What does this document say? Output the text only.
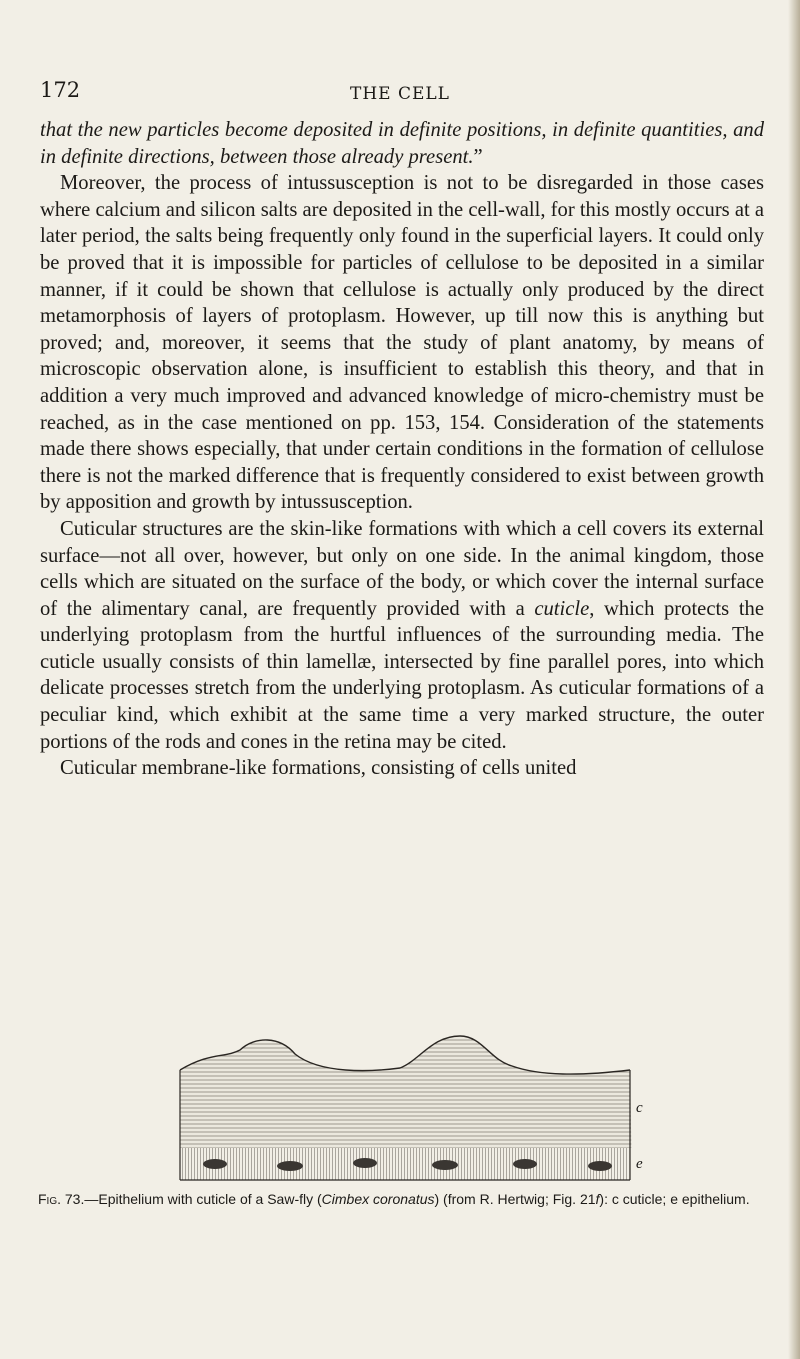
172	THE CELL

that the new particles become deposited in definite positions, in definite quantities, and in definite directions, between those already present.”

Moreover, the process of intussusception is not to be disregarded in those cases where calcium and silicon salts are deposited in the cell-wall, for this mostly occurs at a later period, the salts being frequently only found in the superficial layers. It could only be proved that it is impossible for particles of cellulose to be deposited in a similar manner, if it could be shown that cellulose is actually only produced by the direct metamorphosis of layers of protoplasm. However, up till now this is anything but proved; and, moreover, it seems that the study of plant anatomy, by means of microscopic observation alone, is insufficient to establish this theory, and that in addition a very much improved and advanced knowledge of micro-chemistry must be reached, as in the case mentioned on pp. 153, 154. Consideration of the statements made there shows especially, that under certain conditions in the formation of cellulose there is not the marked difference that is frequently considered to exist between growth by apposition and growth by intussusception.

Cuticular structures are the skin-like formations with which a cell covers its external surface—not all over, however, but only on one side. In the animal kingdom, those cells which are situated on the surface of the body, or which cover the internal surface of the alimentary canal, are frequently provided with a cuticle, which protects the underlying protoplasm from the hurtful influences of the surrounding media. The cuticle usually consists of thin lamellæ, intersected by fine parallel pores, into which delicate processes stretch from the underlying protoplasm. As cuticular formations of a peculiar kind, which exhibit at the same time a very marked structure, the outer portions of the rods and cones in the retina may be cited.

Cuticular membrane-like formations, consisting of cells united

c
e
Fig. 73.—Epithelium with cuticle of a Saw-fly (Cimbex coronatus) (from R. Hertwig; Fig. 21f): c cuticle; e epithelium.
